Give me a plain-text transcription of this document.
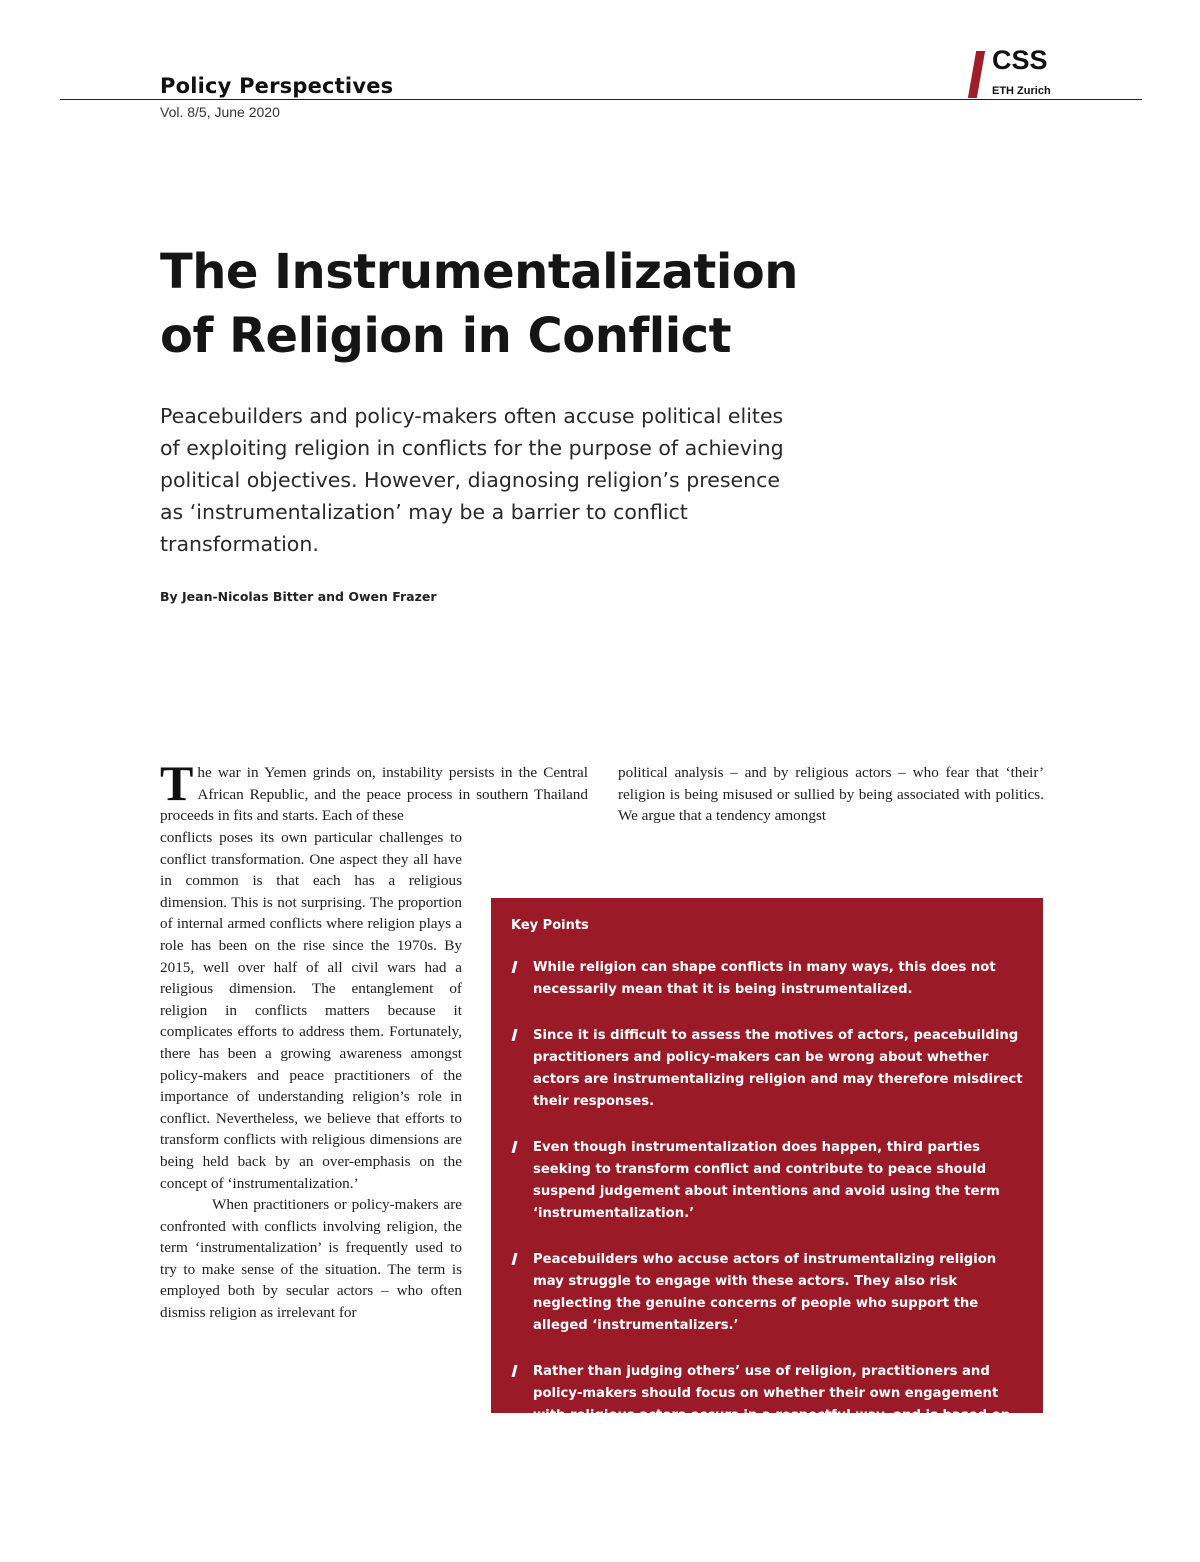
Policy Perspectives
Vol. 8/5, June 2020
CSS
ETH Zurich
The Instrumentalization
of Religion in Conflict

Peacebuilders and policy-makers often accuse political elites of exploiting religion in conflicts for the purpose of achieving political objectives. However, diagnosing religion’s presence as ‘instrumentalization’ may be a barrier to conflict transformation.

By Jean-Nicolas Bitter and Owen Frazer

The war in Yemen grinds on, instability persists in the Central African Republic, and the peace process in southern Thailand proceeds in fits and starts. Each of these

conflicts poses its own particular challenges to conflict transformation. One aspect they all have in common is that each has a religious dimension. This is not surprising. The proportion of internal armed conflicts where religion plays a role has been on the rise since the 1970s. By 2015, well over half of all civil wars had a religious dimension. The entanglement of religion in conflicts matters because it complicates efforts to address them. Fortunately, there has been a growing awareness amongst policy-makers and peace practitioners of the importance of understanding religion’s role in conflict. Nevertheless, we believe that efforts to transform conflicts with religious dimensions are being held back by an over-emphasis on the concept of ‘instrumentalization.’

When practitioners or policy-makers are confronted with conflicts involving religion, the term ‘instrumentalization’ is frequently used to try to make sense of the situation. The term is employed both by secular actors – who often dismiss religion as irrelevant for

political analysis – and by religious actors – who fear that ‘their’ religion is being misused or sullied by being associated with politics. We argue that a tendency amongst

Key Points
While religion can shape conflicts in many ways, this does not necessarily mean that it is being instrumentalized.
Since it is difficult to assess the motives of actors, peacebuilding practitioners and policy-makers can be wrong about whether actors are instrumentalizing religion and may therefore misdirect their responses.
Even though instrumentalization does happen, third parties seeking to transform conflict and contribute to peace should suspend judgement about intentions and avoid using the term ‘instrumentalization.’
Peacebuilders who accuse actors of instrumentalizing religion may struggle to engage with these actors. They also risk neglecting the genuine concerns of people who support the alleged ‘instrumentalizers.’
Rather than judging others’ use of religion, practitioners and policy-makers should focus on whether their own engagement with religious actors occurs in a respectful way, and is based on jointly agreed actions.
